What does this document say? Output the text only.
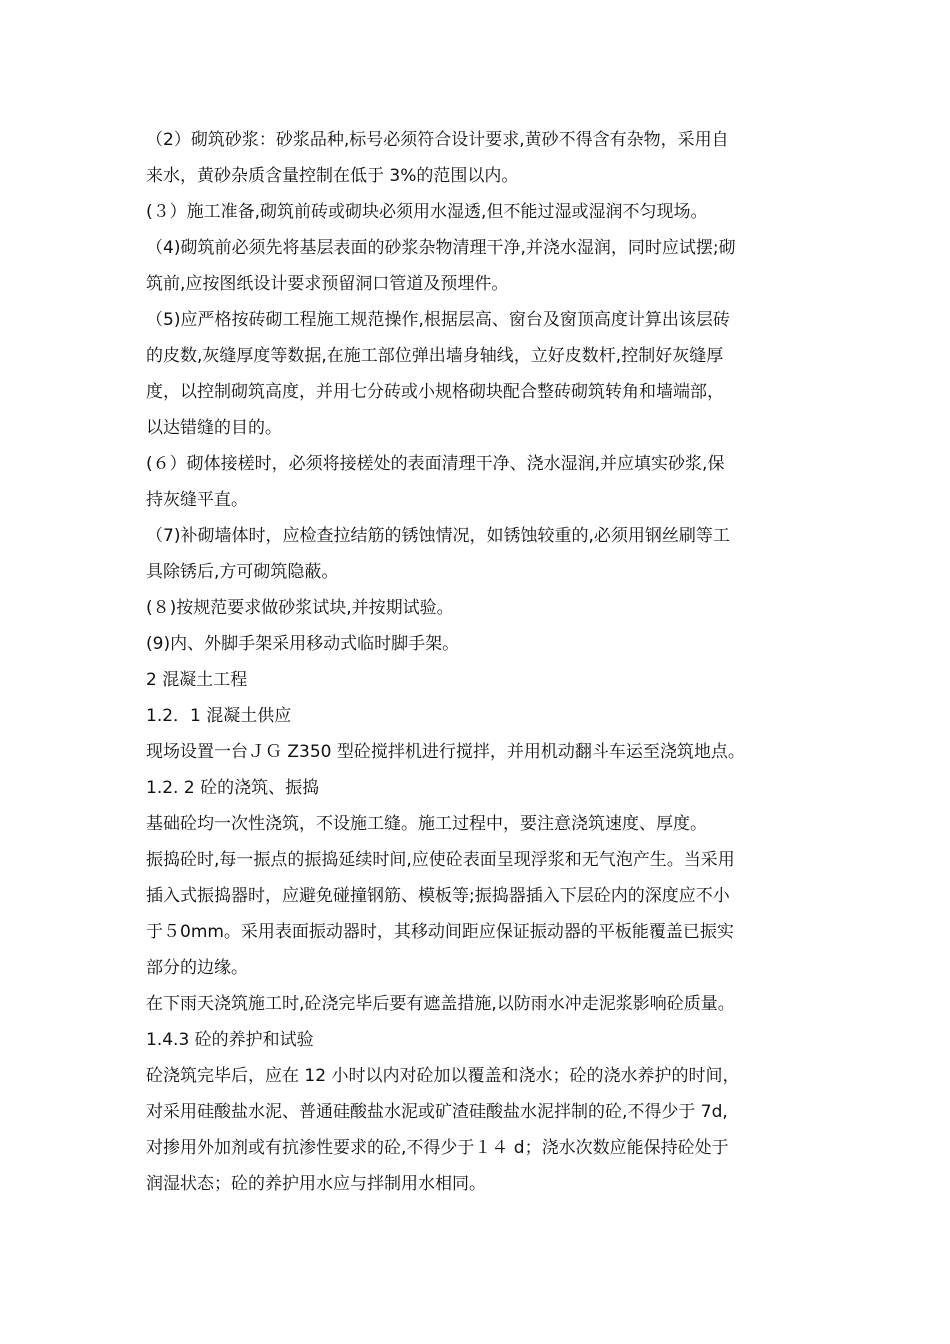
（2）砌筑砂浆：砂浆品种,标号必须符合设计要求,黄砂不得含有杂物，采用自
来水，黄砂杂质含量控制在低于 3%的范围以内。
(３）施工准备,砌筑前砖或砌块必须用水湿透,但不能过湿或湿润不匀现场。
（4)砌筑前必须先将基层表面的砂浆杂物清理干净,并浇水湿润，同时应试摆;砌
筑前,应按图纸设计要求预留洞口管道及预埋件。
（5)应严格按砖砌工程施工规范操作,根据层高、窗台及窗顶高度计算出该层砖
的皮数,灰缝厚度等数据,在施工部位弹出墙身轴线，立好皮数杆,控制好灰缝厚
度，以控制砌筑高度，并用七分砖或小规格砌块配合整砖砌筑转角和墙端部，
以达错缝的目的。
(６）砌体接槎时，必须将接槎处的表面清理干净、浇水湿润,并应填实砂浆,保
持灰缝平直。
（7)补砌墙体时，应检查拉结筋的锈蚀情况，如锈蚀较重的,必须用钢丝刷等工
具除锈后,方可砌筑隐蔽。
(８)按规范要求做砂浆试块,并按期试验。
(9)内、外脚手架采用移动式临时脚手架。
2 混凝土工程
1.2．1 混凝土供应
现场设置一台ＪＧ Z350 型砼搅拌机进行搅拌，并用机动翻斗车运至浇筑地点。
1.2. 2 砼的浇筑、振捣
基础砼均一次性浇筑，不设施工缝。施工过程中，要注意浇筑速度、厚度。
振捣砼时,每一振点的振捣延续时间,应使砼表面呈现浮浆和无气泡产生。当采用
插入式振捣器时，应避免碰撞钢筋、模板等;振捣器插入下层砼内的深度应不小
于５0mm。采用表面振动器时，其移动间距应保证振动器的平板能覆盖已振实
部分的边缘。
在下雨天浇筑施工时,砼浇完毕后要有遮盖措施,以防雨水冲走泥浆影响砼质量。
1.4.3 砼的养护和试验
砼浇筑完毕后，应在 12 小时以内对砼加以覆盖和浇水；砼的浇水养护的时间，
对采用硅酸盐水泥、普通硅酸盐水泥或矿渣硅酸盐水泥拌制的砼,不得少于 7d,
对掺用外加剂或有抗渗性要求的砼,不得少于１４ d；浇水次数应能保持砼处于
润湿状态；砼的养护用水应与拌制用水相同。
